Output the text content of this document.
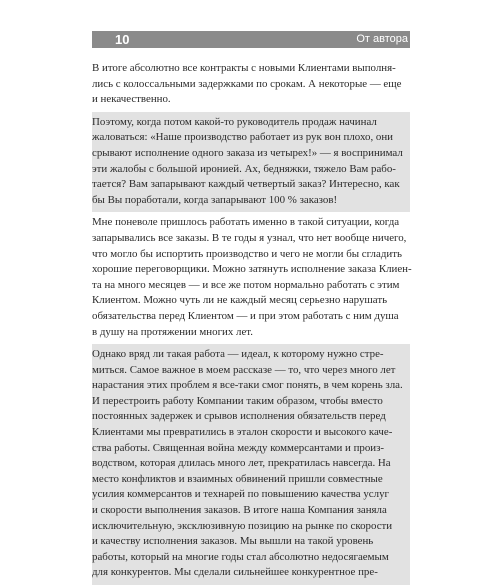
10	От автора

В итоге абсолютно все контракты с новыми Клиентами выполня-
лись с колоссальными задержками по срокам. А некоторые — еще
и некачественно.

Поэтому, когда потом какой-то руководитель продаж начинал
жаловаться: «Наше производство работает из рук вон плохо, они
срывают исполнение одного заказа из четырех!» — я воспринимал
эти жалобы с большой иронией. Ах, бедняжки, тяжело Вам рабо-
тается? Вам запарывают каждый четвертый заказ? Интересно, как
бы Вы поработали, когда запарывают 100 % заказов!

Мне поневоле пришлось работать именно в такой ситуации, когда
запарывались все заказы. В те годы я узнал, что нет вообще ничего,
что могло бы испортить производство и чего не могли бы сгладить
хорошие переговорщики. Можно затянуть исполнение заказа Клиен-
та на много месяцев — и все же потом нормально работать с этим
Клиентом. Можно чуть ли не каждый месяц серьезно нарушать
обязательства перед Клиентом — и при этом работать с ним душа
в душу на протяжении многих лет.

Однако вряд ли такая работа — идеал, к которому нужно стре-
миться. Самое важное в моем рассказе — то, что через много лет
нарастания этих проблем я все-таки смог понять, в чем корень зла.
И перестроить работу Компании таким образом, чтобы вместо
постоянных задержек и срывов исполнения обязательств перед
Клиентами мы превратились в эталон скорости и высокого каче-
ства работы. Священная война между коммерсантами и произ-
водством, которая длилась много лет, прекратилась навсегда. На
место конфликтов и взаимных обвинений пришли совместные
усилия коммерсантов и технарей по повышению качества услуг
и скорости выполнения заказов. В итоге наша Компания заняла
исключительную, эксклюзивную позицию на рынке по скорости
и качеству исполнения заказов. Мы вышли на такой уровень
работы, который на многие годы стал абсолютно недосягаемым
для конкурентов. Мы сделали сильнейшее конкурентное пре-
